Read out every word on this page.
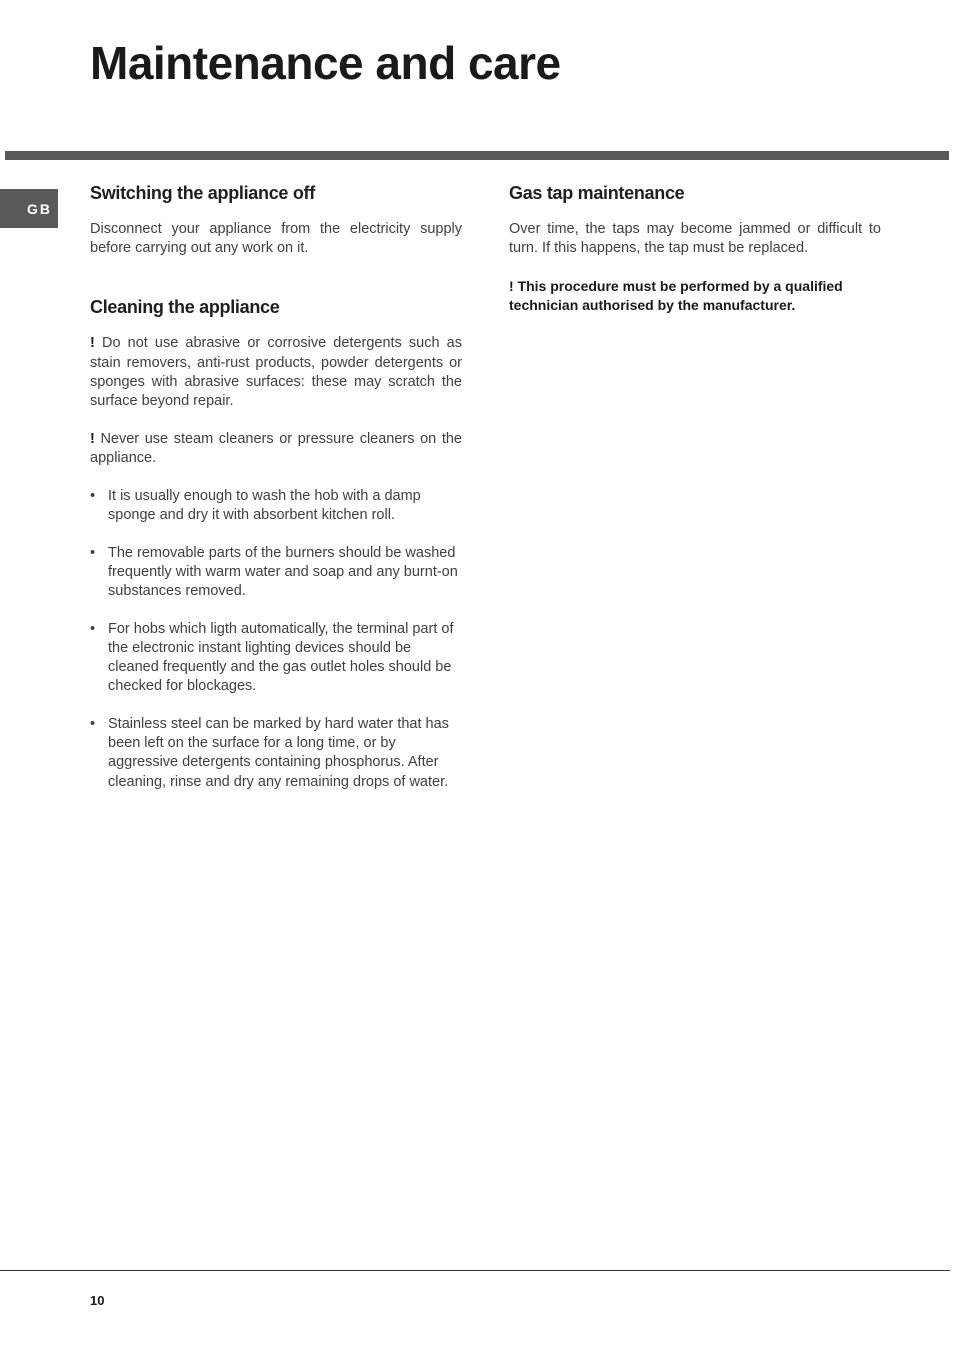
Maintenance and care
GB
Switching the appliance off

Disconnect your appliance from the electricity supply before carrying out any work on it.

Cleaning the appliance

! Do not use abrasive or corrosive detergents such as stain removers, anti-rust products, powder detergents or sponges with abrasive surfaces: these may scratch the surface beyond repair.

! Never use steam cleaners or pressure cleaners on the appliance.

• It is usually enough to wash the hob with a damp sponge and dry it with absorbent kitchen roll.
• The removable parts of the burners should be washed frequently with warm water and soap and any burnt-on substances removed.
• For hobs which ligth automatically, the terminal part of the electronic instant lighting devices should be cleaned frequently and the gas outlet holes should be checked for blockages.
• Stainless steel can be marked by hard water that has been left on the surface for a long time, or by aggressive detergents containing phosphorus. After cleaning, rinse and dry any remaining drops of water.
Gas tap maintenance

Over time, the taps may become jammed or difficult to turn. If this happens, the tap must be replaced.

! This procedure must be performed by a qualified technician authorised by the manufacturer.

10
